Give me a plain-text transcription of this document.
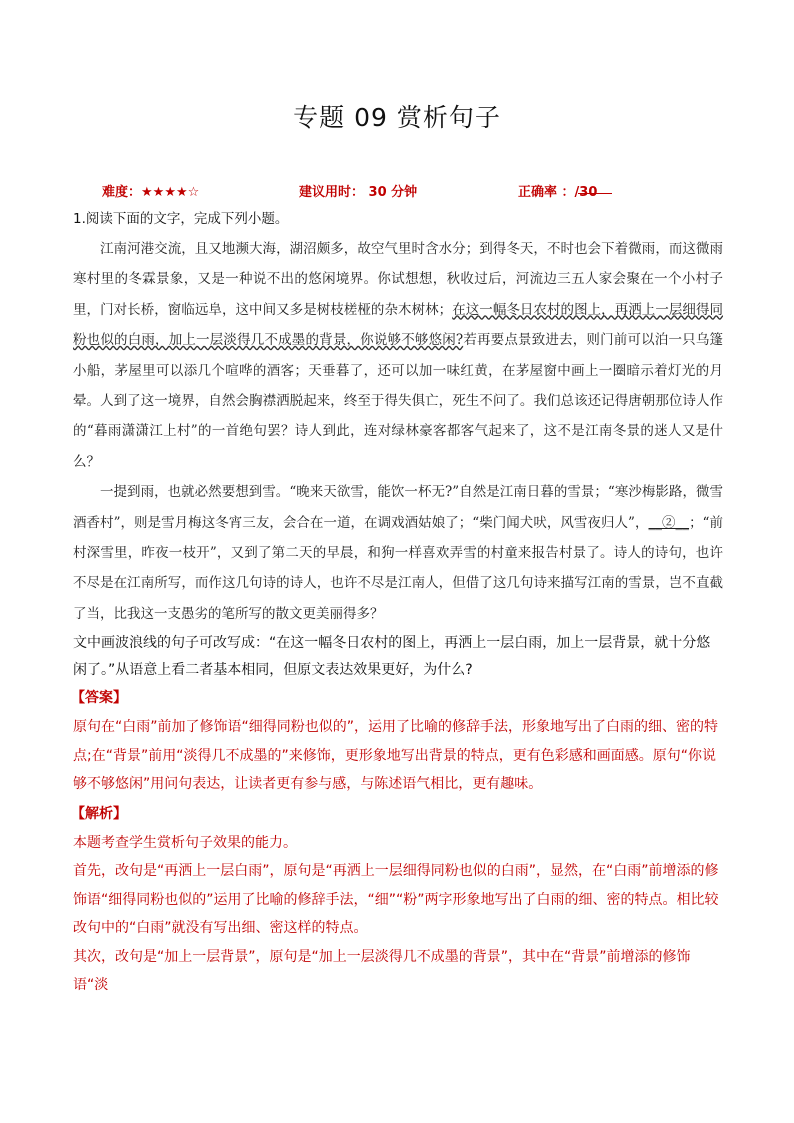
专题 09 赏析句子
难度：★★★★☆	建议用时： 30 分钟	正确率 ：
/30
1.阅读下面的文字，完成下列小题。

江南河港交流，且又地濒大海，湖沼颇多，故空气里时含水分；到得冬天，不时也会下着微雨，而这微雨寒村里的冬霖景象，又是一种说不出的悠闲境界。你试想想，秋收过后，河流边三五人家会聚在一个小村子里，门对长桥，窗临远阜，这中间又多是树枝槎桠的杂木树林；在这一幅冬日农村的图上，再洒上一层细得同粉也似的白雨，加上一层淡得几不成墨的背景，你说够不够悠闲?若再要点景致进去，则门前可以泊一只乌篷小船，茅屋里可以添几个喧哗的酒客；天垂暮了，还可以加一味红黄，在茅屋窗中画上一圈暗示着灯光的月晕。人到了这一境界，自然会胸襟洒脱起来，终至于得失俱亡，死生不问了。我们总该还记得唐朝那位诗人作的“暮雨潇潇江上村”的一首绝句罢？诗人到此，连对绿林豪客都客气起来了，这不是江南冬景的迷人又是什么？

一提到雨，也就必然要想到雪。“晚来天欲雪，能饮一杯无?”自然是江南日暮的雪景；“寒沙梅影路，微雪酒香村”，则是雪月梅这冬宵三友，会合在一道，在调戏酒姑娘了；“柴门闻犬吠，风雪夜归人”，__②__；“前村深雪里，昨夜一枝开”，又到了第二天的早晨，和狗一样喜欢弄雪的村童来报告村景了。诗人的诗句，也许不尽是在江南所写，而作这几句诗的诗人，也许不尽是江南人，但借了这几句诗来描写江南的雪景，岂不直截了当，比我这一支愚劣的笔所写的散文更美丽得多？

文中画波浪线的句子可改写成：“在这一幅冬日农村的图上，再洒上一层白雨，加上一层背景，就十分悠闲了。”从语意上看二者基本相同，但原文表达效果更好，为什么?
【答案】
原句在“白雨”前加了修饰语“细得同粉也似的”，运用了比喻的修辞手法，形象地写出了白雨的细、密的特点;在“背景”前用“淡得几不成墨的”来修饰，更形象地写出背景的特点，更有色彩感和画面感。原句“你说够不够悠闲”用问句表达，让读者更有参与感，与陈述语气相比，更有趣味。
【解析】

本题考查学生赏析句子效果的能力。

首先，改句是“再洒上一层白雨”，原句是“再洒上一层细得同粉也似的白雨”，显然，在“白雨”前增添的修饰语“细得同粉也似的”运用了比喻的修辞手法，“细”“粉”两字形象地写出了白雨的细、密的特点。相比较改句中的“白雨”就没有写出细、密这样的特点。

其次，改句是“加上一层背景”，原句是“加上一层淡得几不成墨的背景”，其中在“背景”前增添的修饰语“淡
